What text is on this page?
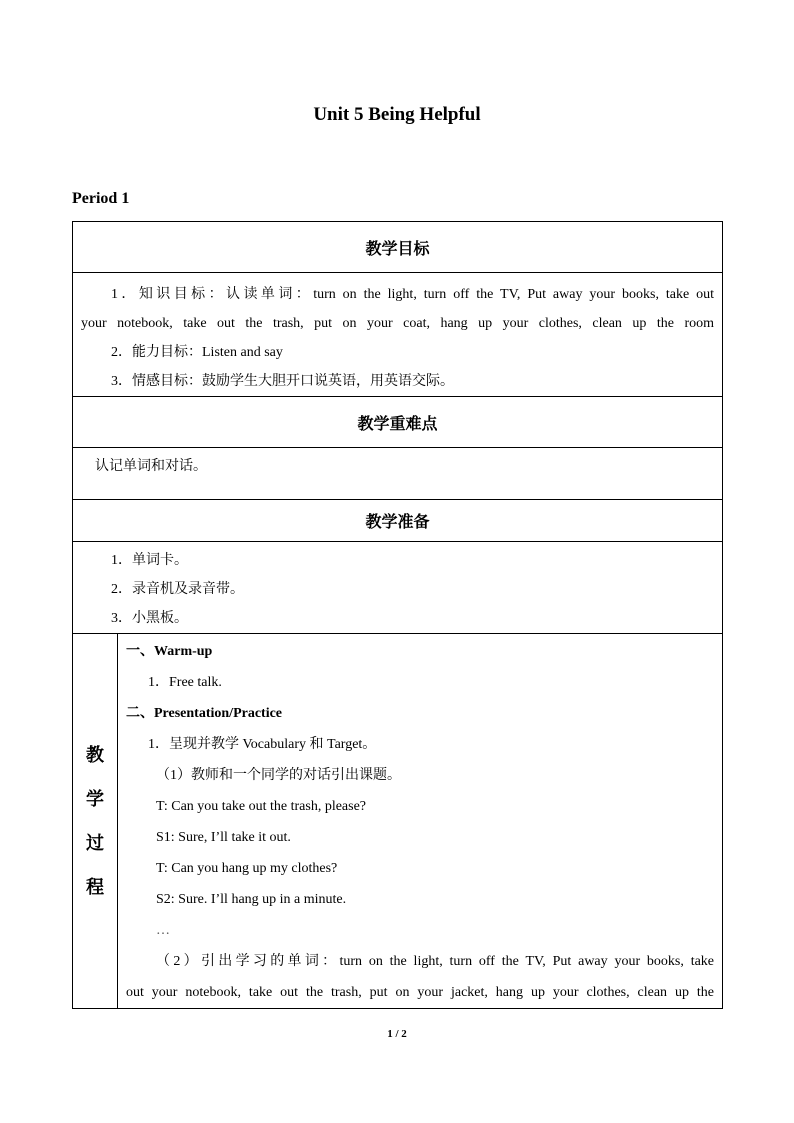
Unit 5 Being Helpful
Period 1
教学目标

1．知识目标：认读单词：turn on the light, turn off the TV, Put away your books, take out
your notebook, take out the trash, put on your coat, hang up your clothes, clean up the room
2．能力目标：Listen and say
3．情感目标：鼓励学生大胆开口说英语，用英语交际。

教学重难点

认记单词和对话。

教学准备

1．单词卡。
2．录音机及录音带。
3．小黑板。

教
学
过
程

一、Warm-up
1．Free talk.
二、Presentation/Practice
1．呈现并教学 Vocabulary 和 Target。
（1）教师和一个同学的对话引出课题。
T: Can you take out the trash, please?
S1: Sure, I’ll take it out.
T: Can you hang up my clothes?
S2: Sure. I’ll hang up in a minute.
…
（2）引出学习的单词：turn on the light, turn off the TV, Put away your books, take
out your notebook, take out the trash, put on your jacket, hang up your clothes, clean up the
1 / 2
